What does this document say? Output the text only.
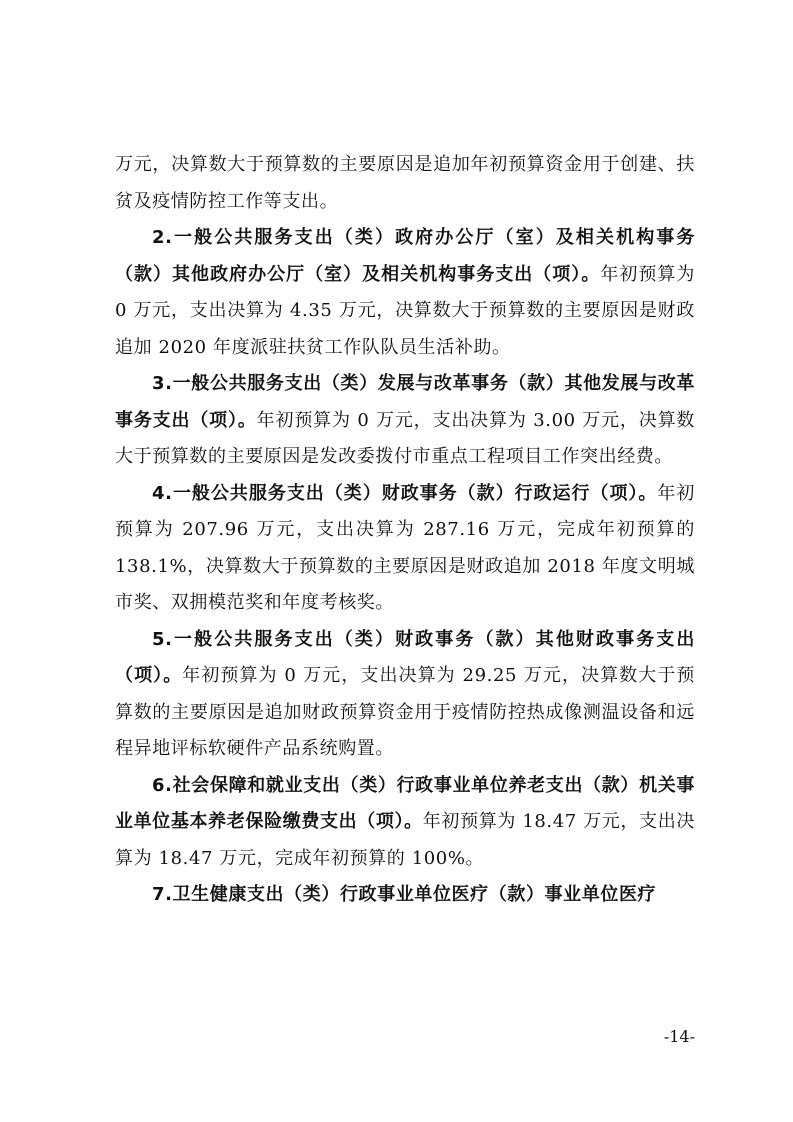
万元，决算数大于预算数的主要原因是追加年初预算资金用于创建、扶贫及疫情防控工作等支出。

2.一般公共服务支出（类）政府办公厅（室）及相关机构事务（款）其他政府办公厅（室）及相关机构事务支出（项）。年初预算为 0 万元，支出决算为 4.35 万元，决算数大于预算数的主要原因是财政追加 2020 年度派驻扶贫工作队队员生活补助。

3.一般公共服务支出（类）发展与改革事务（款）其他发展与改革事务支出（项）。年初预算为 0 万元，支出决算为 3.00 万元，决算数大于预算数的主要原因是发改委拨付市重点工程项目工作突出经费。

4.一般公共服务支出（类）财政事务（款）行政运行（项）。年初预算为 207.96 万元，支出决算为 287.16 万元，完成年初预算的 138.1%，决算数大于预算数的主要原因是财政追加 2018 年度文明城市奖、双拥模范奖和年度考核奖。

5.一般公共服务支出（类）财政事务（款）其他财政事务支出（项）。年初预算为 0 万元，支出决算为 29.25 万元，决算数大于预算数的主要原因是追加财政预算资金用于疫情防控热成像测温设备和远程异地评标软硬件产品系统购置。

6.社会保障和就业支出（类）行政事业单位养老支出（款）机关事业单位基本养老保险缴费支出（项）。年初预算为 18.47 万元，支出决算为 18.47 万元，完成年初预算的 100%。

7.卫生健康支出（类）行政事业单位医疗（款）事业单位医疗

-14-
